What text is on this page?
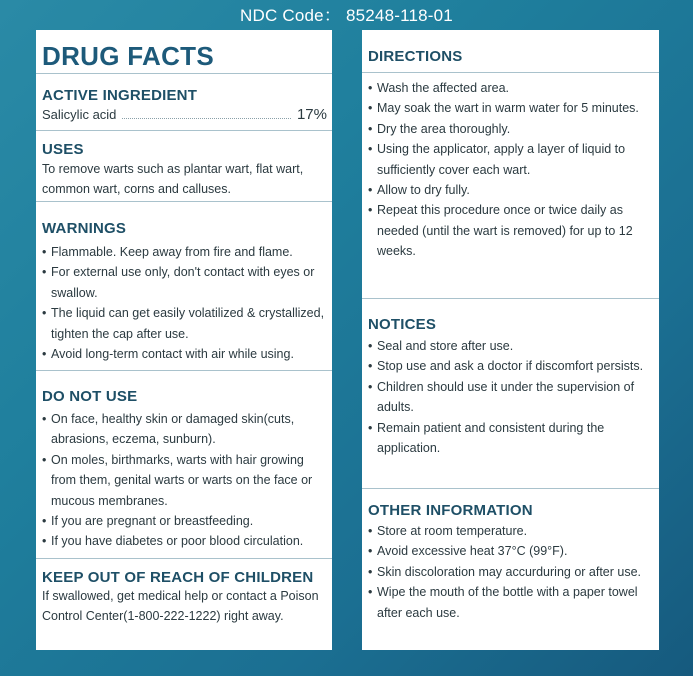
NDC Code： 85248-118-01
DRUG FACTS
ACTIVE INGREDIENT
Salicylic acid	17%
USES
To remove warts such as plantar wart, flat wart, common wart, corns and calluses.
WARNINGS
• Flammable. Keep away from fire and flame.
• For external use only, don't contact with eyes or swallow.
• The liquid can get easily volatilized & crystallized, tighten the cap after use.
• Avoid long-term contact with air while using.
DO NOT USE
• On face, healthy skin or damaged skin(cuts, abrasions, eczema, sunburn).
• On moles, birthmarks, warts with hair growing from them, genital warts or warts on the face or mucous membranes.
• If you are pregnant or breastfeeding.
• If you have diabetes or poor blood circulation.
KEEP OUT OF REACH OF CHILDREN
If swallowed, get medical help or contact a Poison Control Center(1-800-222-1222) right away.
DIRECTIONS
• Wash the affected area.
• May soak the wart in warm water for 5 minutes.
• Dry the area thoroughly.
• Using the applicator, apply a layer of liquid to sufficiently cover each wart.
• Allow to dry fully.
• Repeat this procedure once or twice daily as needed (until the wart is removed) for up to 12 weeks.
NOTICES
• Seal and store after use.
• Stop use and ask a doctor if discomfort persists.
• Children should use it under the supervision of adults.
• Remain patient and consistent during the application.
OTHER INFORMATION
• Store at room temperature.
• Avoid excessive heat 37°C (99°F).
• Skin discoloration may accurduring or after use.
• Wipe the mouth of the bottle with a paper towel after each use.
